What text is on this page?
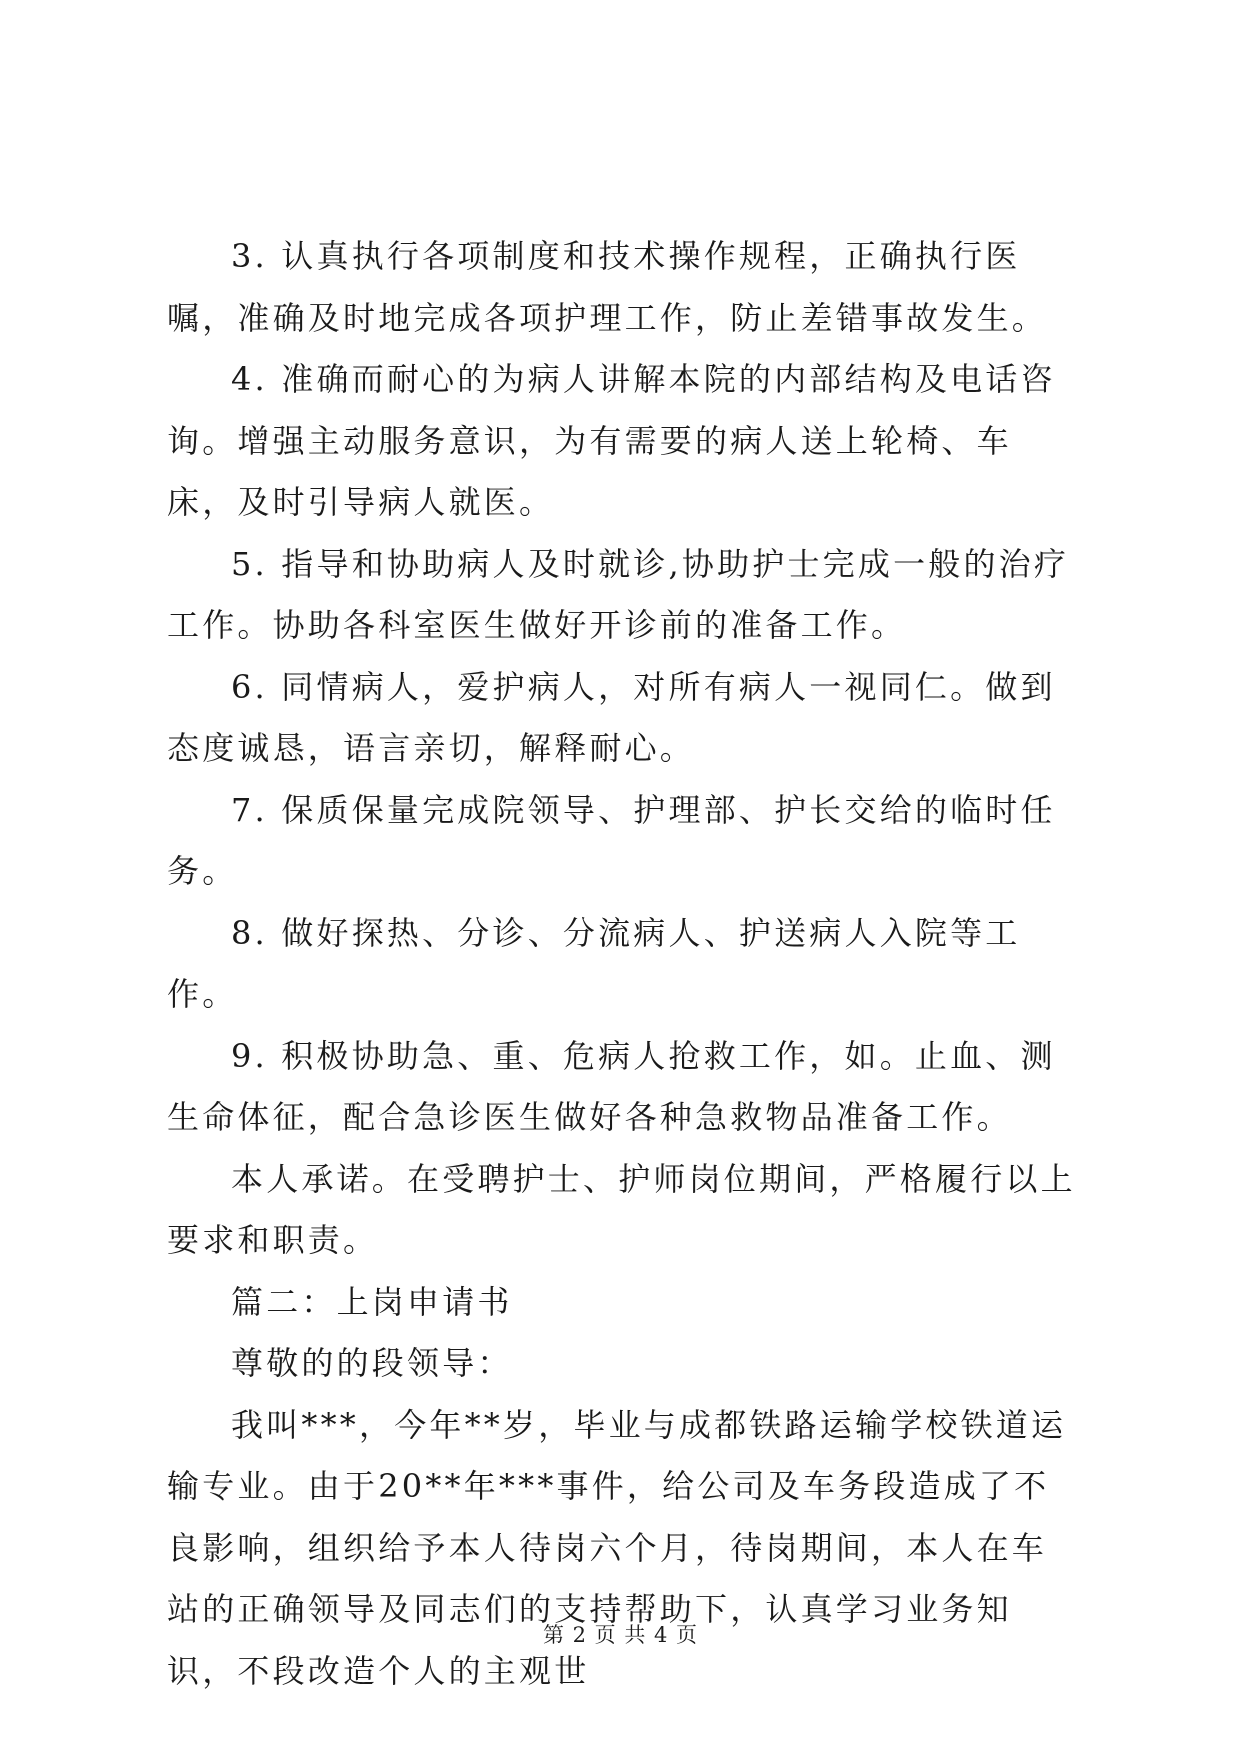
3. 认真执行各项制度和技术操作规程，正确执行医嘱，准确及时地完成各项护理工作，防止差错事故发生。

4. 准确而耐心的为病人讲解本院的内部结构及电话咨询。增强主动服务意识，为有需要的病人送上轮椅、车床，及时引导病人就医。

5. 指导和协助病人及时就诊,协助护士完成一般的治疗工作。协助各科室医生做好开诊前的准备工作。

6. 同情病人，爱护病人，对所有病人一视同仁。做到态度诚恳，语言亲切，解释耐心。

7. 保质保量完成院领导、护理部、护长交给的临时任务。

8. 做好探热、分诊、分流病人、护送病人入院等工作。

9. 积极协助急、重、危病人抢救工作，如。止血、测生命体征，配合急诊医生做好各种急救物品准备工作。

本人承诺。在受聘护士、护师岗位期间，严格履行以上要求和职责。

篇二：上岗申请书

尊敬的的段领导：

我叫***，今年**岁，毕业与成都铁路运输学校铁道运输专业。由于20**年***事件，给公司及车务段造成了不良影响，组织给予本人待岗六个月，待岗期间，本人在车站的正确领导及同志们的支持帮助下，认真学习业务知识，不段改造个人的主观世

第 2 页 共 4 页
